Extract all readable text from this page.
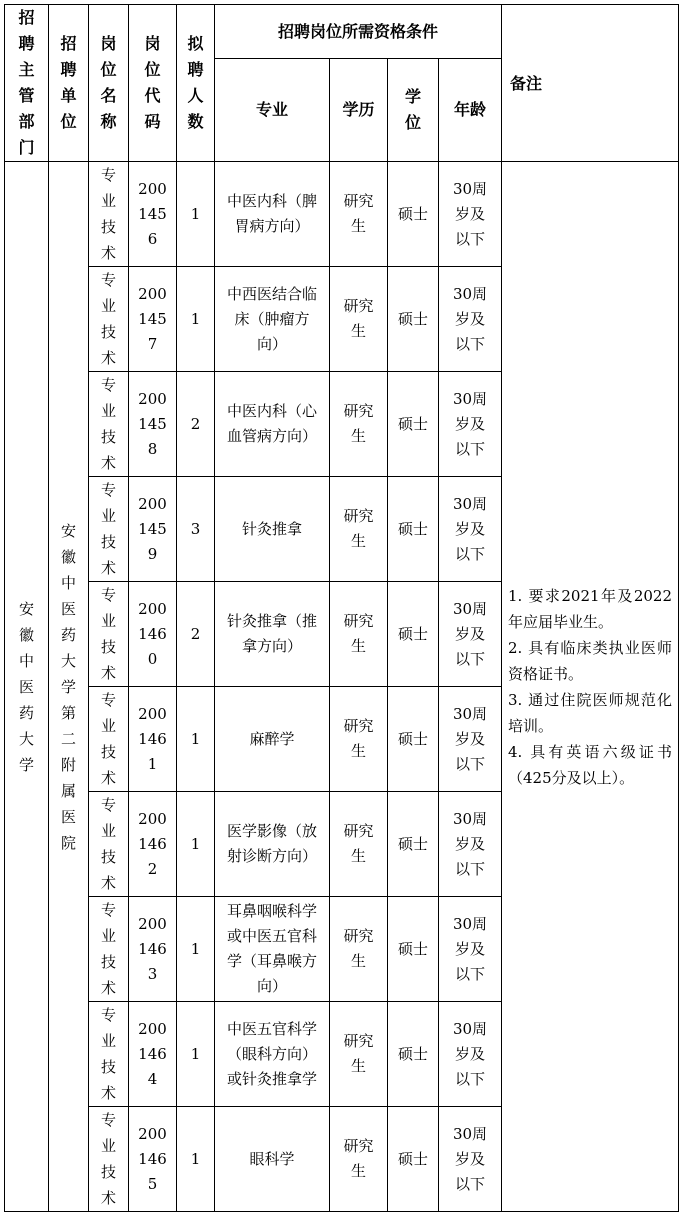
招聘主管部门	招聘单位	岗位名称	岗位代码	拟聘人数	招聘岗位所需资格条件				备注
					专业	学历	学位	年龄	
安徽中医药大学	安徽中医药大学第二附属医院	专业技术	2001456	1	中医内科（脾胃病方向）	研究生	硕士	30周岁及以下	1. 要求2021年及2022年应届毕业生。
2. 具有临床类执业医师资格证书。
3. 通过住院医师规范化培训。
4. 具有英语六级证书（425分及以上）。

		专业技术	2001457	1	中西医结合临床（肿瘤方向）	研究生	硕士	30周岁及以下	
		专业技术	2001458	2	中医内科（心血管病方向）	研究生	硕士	30周岁及以下	
		专业技术	2001459	3	针灸推拿	研究生	硕士	30周岁及以下	
		专业技术	2001460	2	针灸推拿（推拿方向）	研究生	硕士	30周岁及以下	
		专业技术	2001461	1	麻醉学	研究生	硕士	30周岁及以下	
		专业技术	2001462	1	医学影像（放射诊断方向）	研究生	硕士	30周岁及以下	
		专业技术	2001463	1	耳鼻咽喉科学或中医五官科学（耳鼻喉方向）	研究生	硕士	30周岁及以下	
		专业技术	2001464	1	中医五官科学（眼科方向）或针灸推拿学	研究生	硕士	30周岁及以下	
		专业技术	2001465	1	眼科学	研究生	硕士	30周岁及以下	
